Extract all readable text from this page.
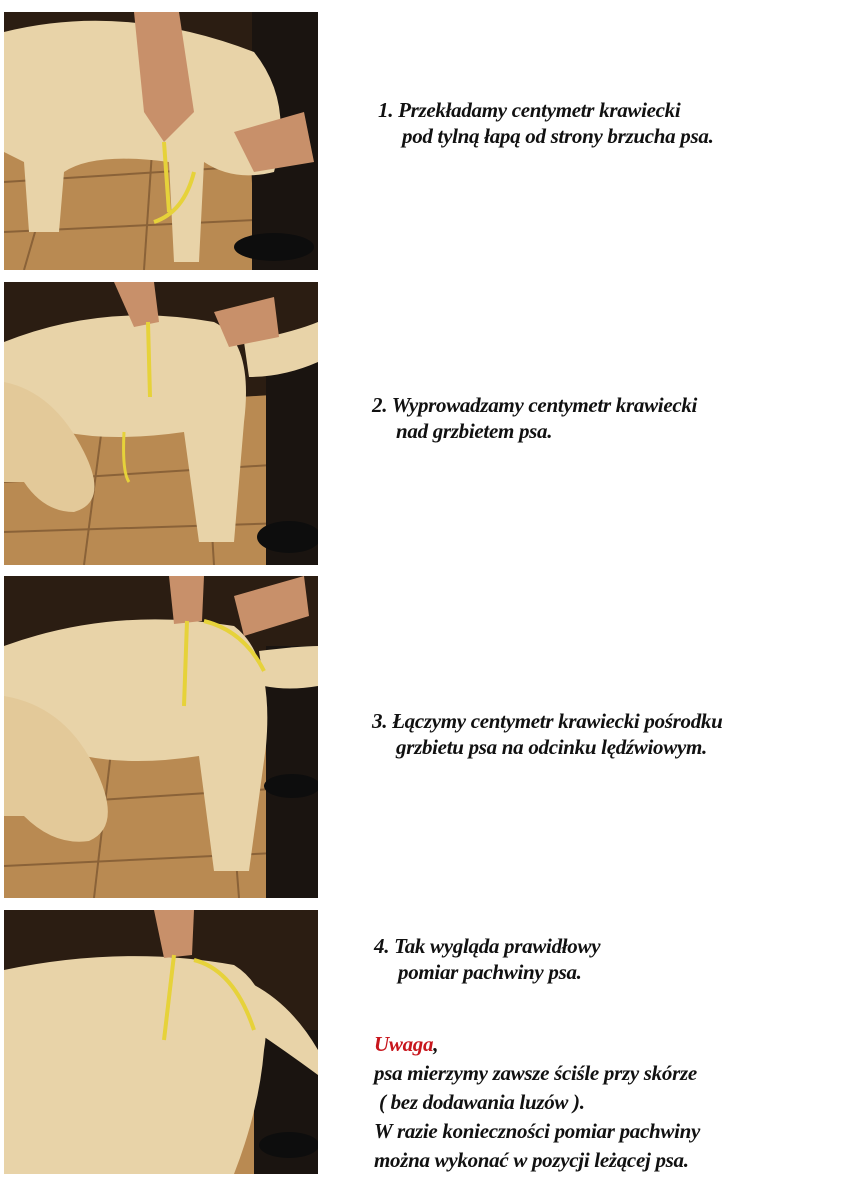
1. Przekładamy centymetr krawiecki
pod tylną łapą od strony brzucha psa.
2. Wyprowadzamy centymetr krawiecki
nad grzbietem psa.
3. Łączymy centymetr krawiecki pośrodku
grzbietu psa na odcinku lędźwiowym.
4. Tak wygląda prawidłowy
pomiar pachwiny psa.
Uwaga,
psa mierzymy zawsze ściśle przy skórze
( bez dodawania luzów ).
W razie konieczności pomiar pachwiny
można wykonać w pozycji leżącej psa.
